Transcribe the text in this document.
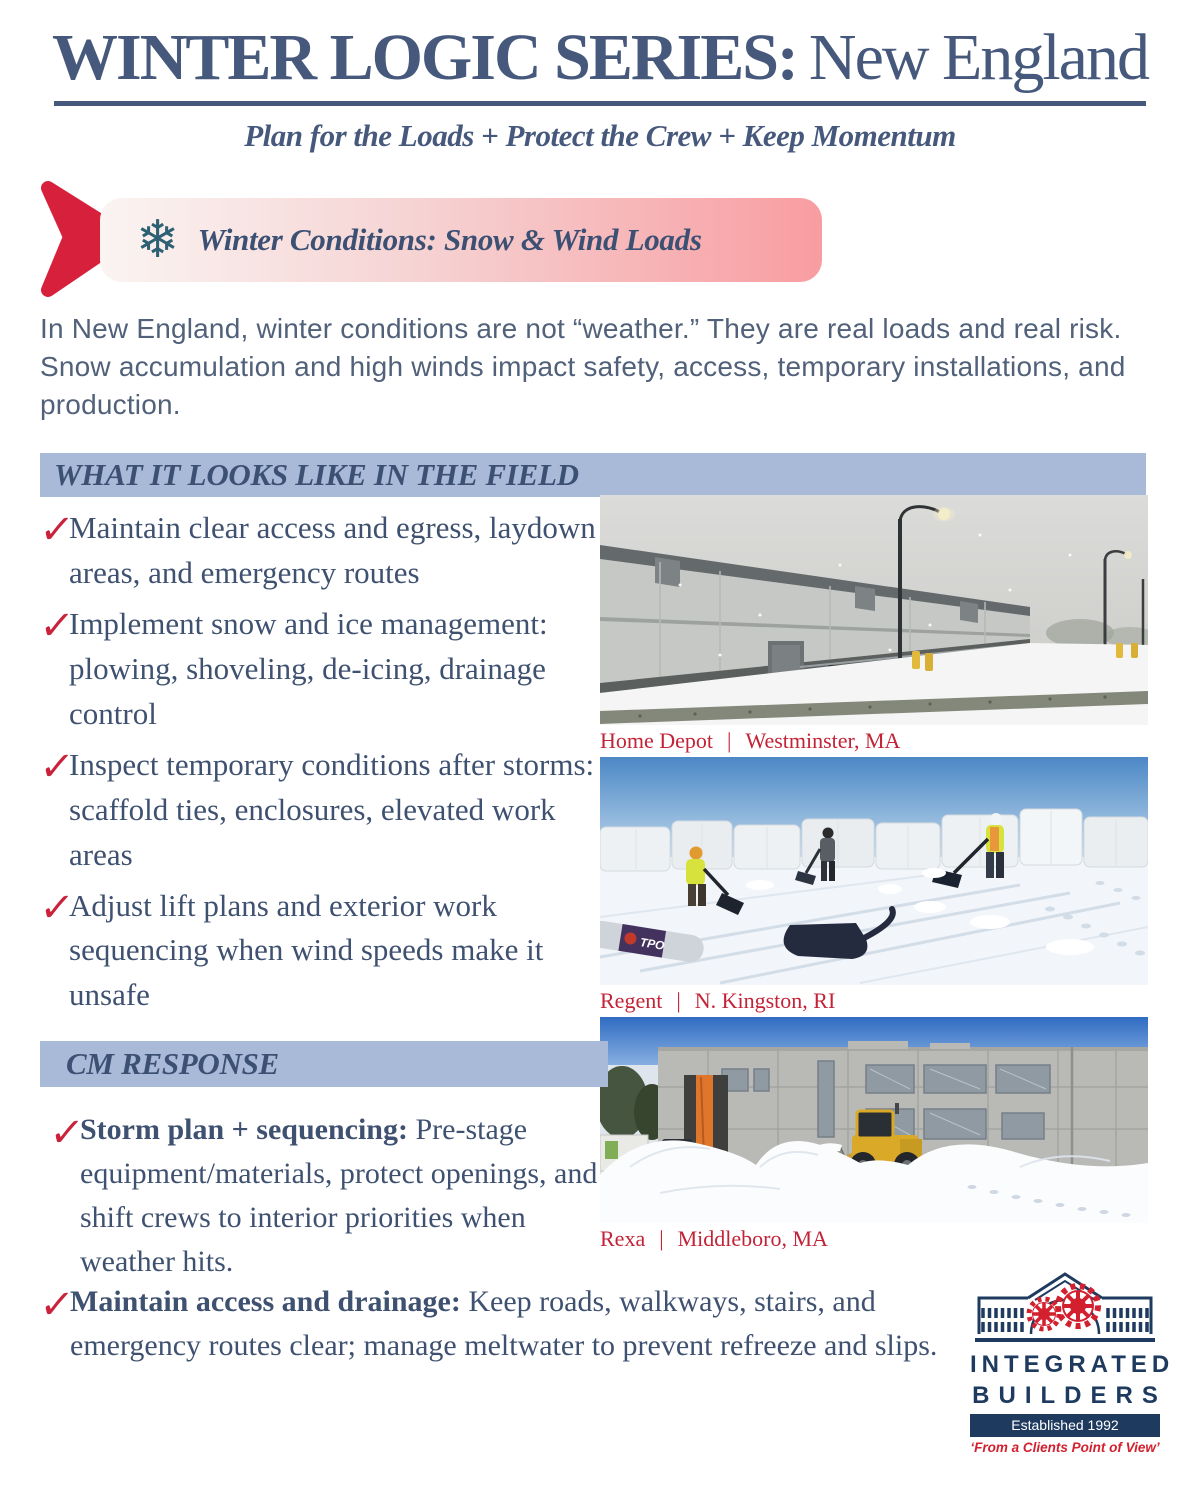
WINTER LOGIC SERIES: New England
Plan for the Loads + Protect the Crew + Keep Momentum
❄ Winter Conditions: Snow & Wind Loads

In New England, winter conditions are not “weather.” They are real loads and real risk. Snow accumulation and high winds impact safety, access, temporary installations, and production.

WHAT IT LOOKS LIKE IN THE FIELD
✓
Maintain clear access and egress, laydown areas, and emergency routes
✓
Implement snow and ice management: plowing, shoveling, de-icing, drainage control
✓
Inspect temporary conditions after storms: scaffold ties, enclosures, elevated work areas
✓
Adjust lift plans and exterior work sequencing when wind speeds make it unsafe
Home Depot | Westminster, MA
TPO
Regent | N. Kingston, RI
Rexa | Middleboro, MA
CM RESPONSE
✓
Storm plan + sequencing: Pre-stage equipment/materials, protect openings, and shift crews to interior priorities when weather hits.
✓
Maintain access and drainage: Keep roads, walkways, stairs, and emergency routes clear; manage meltwater to prevent refreeze and slips.
INTEGRATED
BUILDERS
Established 1992
‘From a Clients Point of View’
